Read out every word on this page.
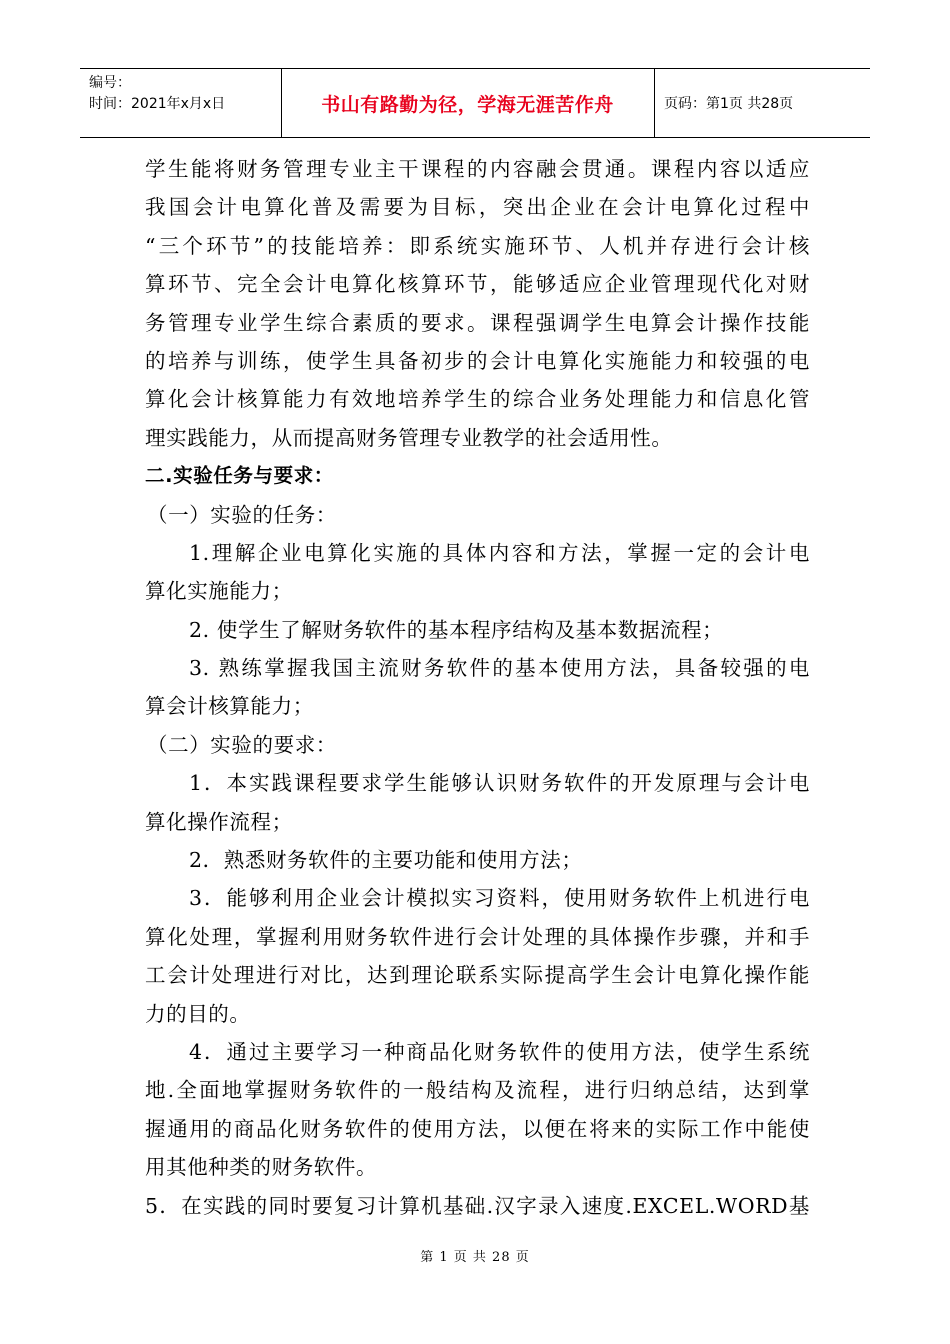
编号：
时间：2021年x月x日	书山有路勤为径，学海无涯苦作舟	页码：第1页 共28页
学生能将财务管理专业主干课程的内容融会贯通。课程内容以适应
我国会计电算化普及需要为目标，突出企业在会计电算化过程中
“三个环节”的技能培养：即系统实施环节、人机并存进行会计核
算环节、完全会计电算化核算环节，能够适应企业管理现代化对财
务管理专业学生综合素质的要求。课程强调学生电算会计操作技能
的培养与训练，使学生具备初步的会计电算化实施能力和较强的电
算化会计核算能力有效地培养学生的综合业务处理能力和信息化管
理实践能力，从而提高财务管理专业教学的社会适用性。
二.实验任务与要求：
（一）实验的任务：
1.理解企业电算化实施的具体内容和方法，掌握一定的会计电
算化实施能力；
2. 使学生了解财务软件的基本程序结构及基本数据流程；
3. 熟练掌握我国主流财务软件的基本使用方法，具备较强的电
算会计核算能力；
（二）实验的要求：
1．本实践课程要求学生能够认识财务软件的开发原理与会计电
算化操作流程；
2．熟悉财务软件的主要功能和使用方法；
3．能够利用企业会计模拟实习资料，使用财务软件上机进行电
算化处理，掌握利用财务软件进行会计处理的具体操作步骤，并和手
工会计处理进行对比，达到理论联系实际提高学生会计电算化操作能
力的目的。
4．通过主要学习一种商品化财务软件的使用方法，使学生系统
地.全面地掌握财务软件的一般结构及流程，进行归纳总结，达到掌
握通用的商品化财务软件的使用方法，以便在将来的实际工作中能使
用其他种类的财务软件。
5．在实践的同时要复习计算机基础.汉字录入速度.EXCEL.WORD基
第 1 页 共 28 页
